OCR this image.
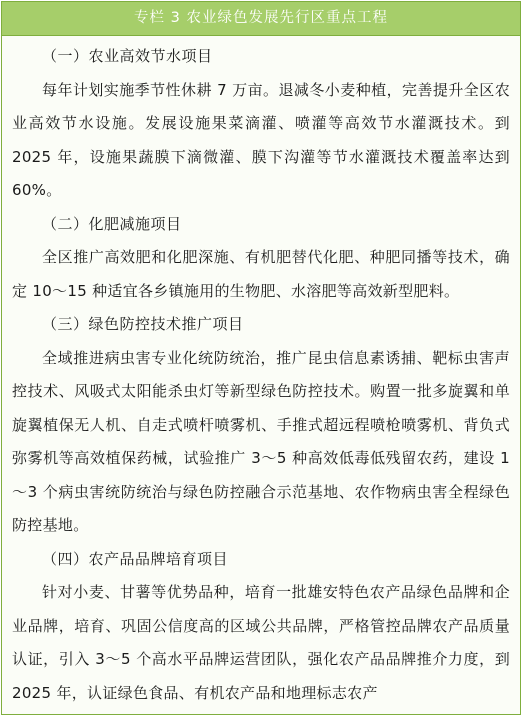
专栏 3 农业绿色发展先行区重点工程

（一）农业高效节水项目

每年计划实施季节性休耕 7 万亩。退减冬小麦种植，完善提升全区农业高效节水设施。发展设施果菜滴灌、喷灌等高效节水灌溉技术。到 2025 年，设施果蔬膜下滴微灌、膜下沟灌等节水灌溉技术覆盖率达到 60%。

（二）化肥减施项目

全区推广高效肥和化肥深施、有机肥替代化肥、种肥同播等技术，确定 10～15 种适宜各乡镇施用的生物肥、水溶肥等高效新型肥料。

（三）绿色防控技术推广项目

全域推进病虫害专业化统防统治，推广昆虫信息素诱捕、靶标虫害声控技术、风吸式太阳能杀虫灯等新型绿色防控技术。购置一批多旋翼和单旋翼植保无人机、自走式喷杆喷雾机、手推式超远程喷枪喷雾机、背负式弥雾机等高效植保药械，试验推广 3～5 种高效低毒低残留农药，建设 1～3 个病虫害统防统治与绿色防控融合示范基地、农作物病虫害全程绿色防控基地。

（四）农产品品牌培育项目

针对小麦、甘薯等优势品种，培育一批雄安特色农产品绿色品牌和企业品牌，培育、巩固公信度高的区域公共品牌，严格管控品牌农产品质量认证，引入 3～5 个高水平品牌运营团队，强化农产品品牌推介力度，到 2025 年，认证绿色食品、有机农产品和地理标志农产
